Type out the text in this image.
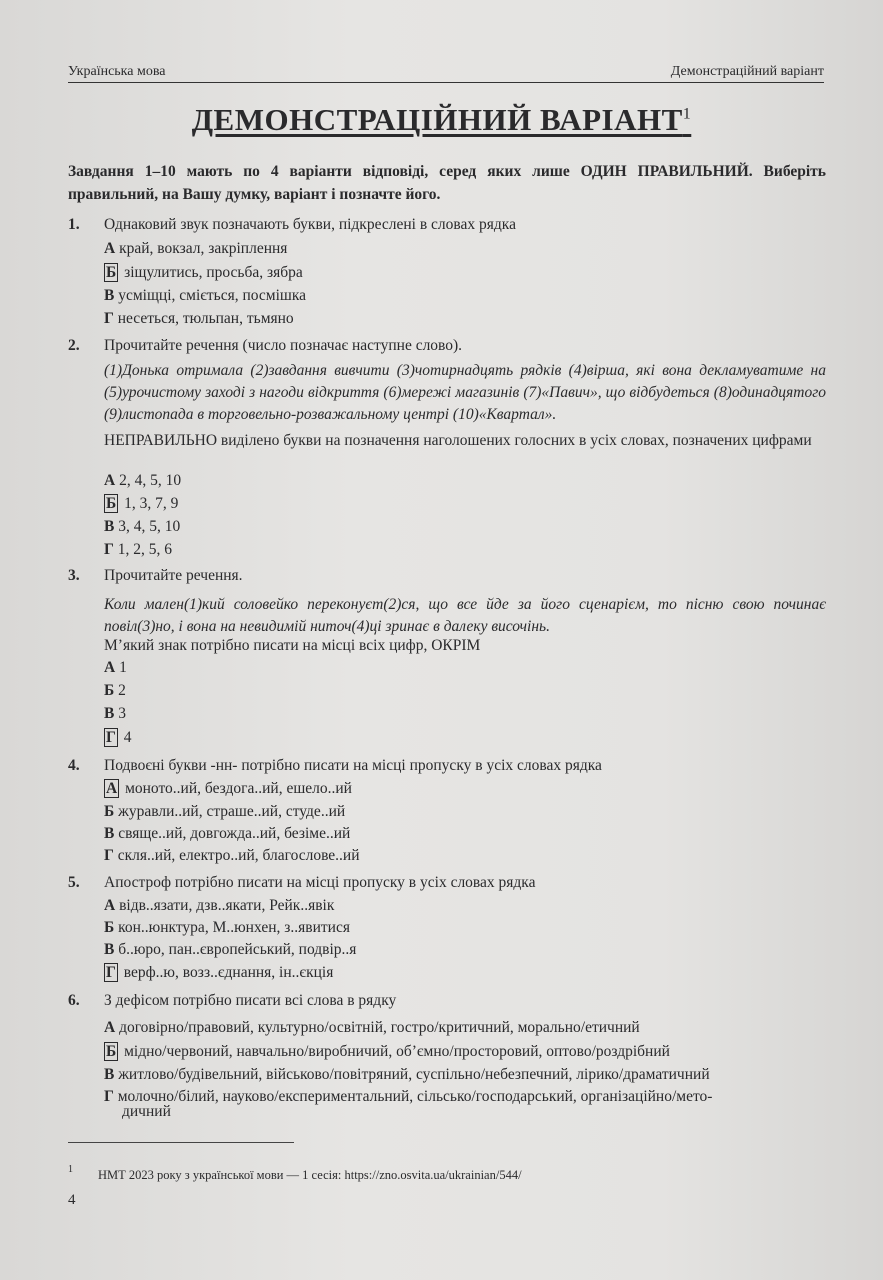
Українська мова	Демонстраційний варіант
ДЕМОНСТРАЦІЙНИЙ ВАРІАНТ$^1$
Завдання 1–10 мають по 4 варіанти відповіді, серед яких лише ОДИН ПРАВИЛЬНИЙ. Виберіть правильний, на Вашу думку, варіант і позначте його.
1. Однаковий звук позначають букви, підкреслені в словах рядка
А край, вокзал, закріплення
Б зіщулитись, просьба, зябра
В усміщці, сміється, посмішка
Г несеться, тюльпан, тьмяно
2. Прочитайте речення (число позначає наступне слово).
(1)Донька отримала (2)завдання вивчити (3)чотирнадцять рядків (4)вірша, які вона декламуватиме на (5)урочистому заході з нагоди відкриття (6)мережі магазинів (7)«Павич», що відбудеться (8)одинадцятого (9)листопада в торговельно-розважальному центрі (10)«Квартал».
НЕПРАВИЛЬНО виділено букви на позначення наголошених голосних в усіх словах, позначених цифрами
А 2, 4, 5, 10
Б 1, 3, 7, 9
В 3, 4, 5, 10
Г 1, 2, 5, 6
3. Прочитайте речення.
Коли мален(1)кий соловейко переконуєт(2)ся, що все йде за його сценарієм, то пісню свою починає повіл(3)но, і вона на невидимій ниточ(4)ці зринає в далеку височінь.
М’який знак потрібно писати на місці всіх цифр, ОКРІМ
А 1
Б 2
В 3
Г 4
4. Подвоєні букви -нн- потрібно писати на місці пропуску в усіх словах рядка
А моното..ий, бездога..ий, ешело..ий
Б журавли..ий, страше..ий, студе..ий
В свяще..ий, довгожда..ий, безіме..ий
Г скля..ий, електро..ий, благослове..ий
5. Апостроф потрібно писати на місці пропуску в усіх словах рядка
А відв..язати, дзв..якати, Рейк..явік
Б кон..юнктура, М..юнхен, з..явитися
В б..юро, пан..європейський, подвір..я
Г верф..ю, возз..єднання, ін..єкція
6. З дефісом потрібно писати всі слова в рядку
А договірно/правовий, культурно/освітній, гостро/критичний, морально/етичний
Б мідно/червоний, навчально/виробничий, об’ємно/просторовий, оптово/роздрібний
В житлово/будівельний, військово/повітряний, суспільно/небезпечний, лірико/драматичний
Г молочно/білий, науково/експериментальний, сільсько/господарський, організаційно/мето-
дичний
1 НМТ 2023 року з української мови — 1 сесія: https://zno.osvita.ua/ukrainian/544/
4
